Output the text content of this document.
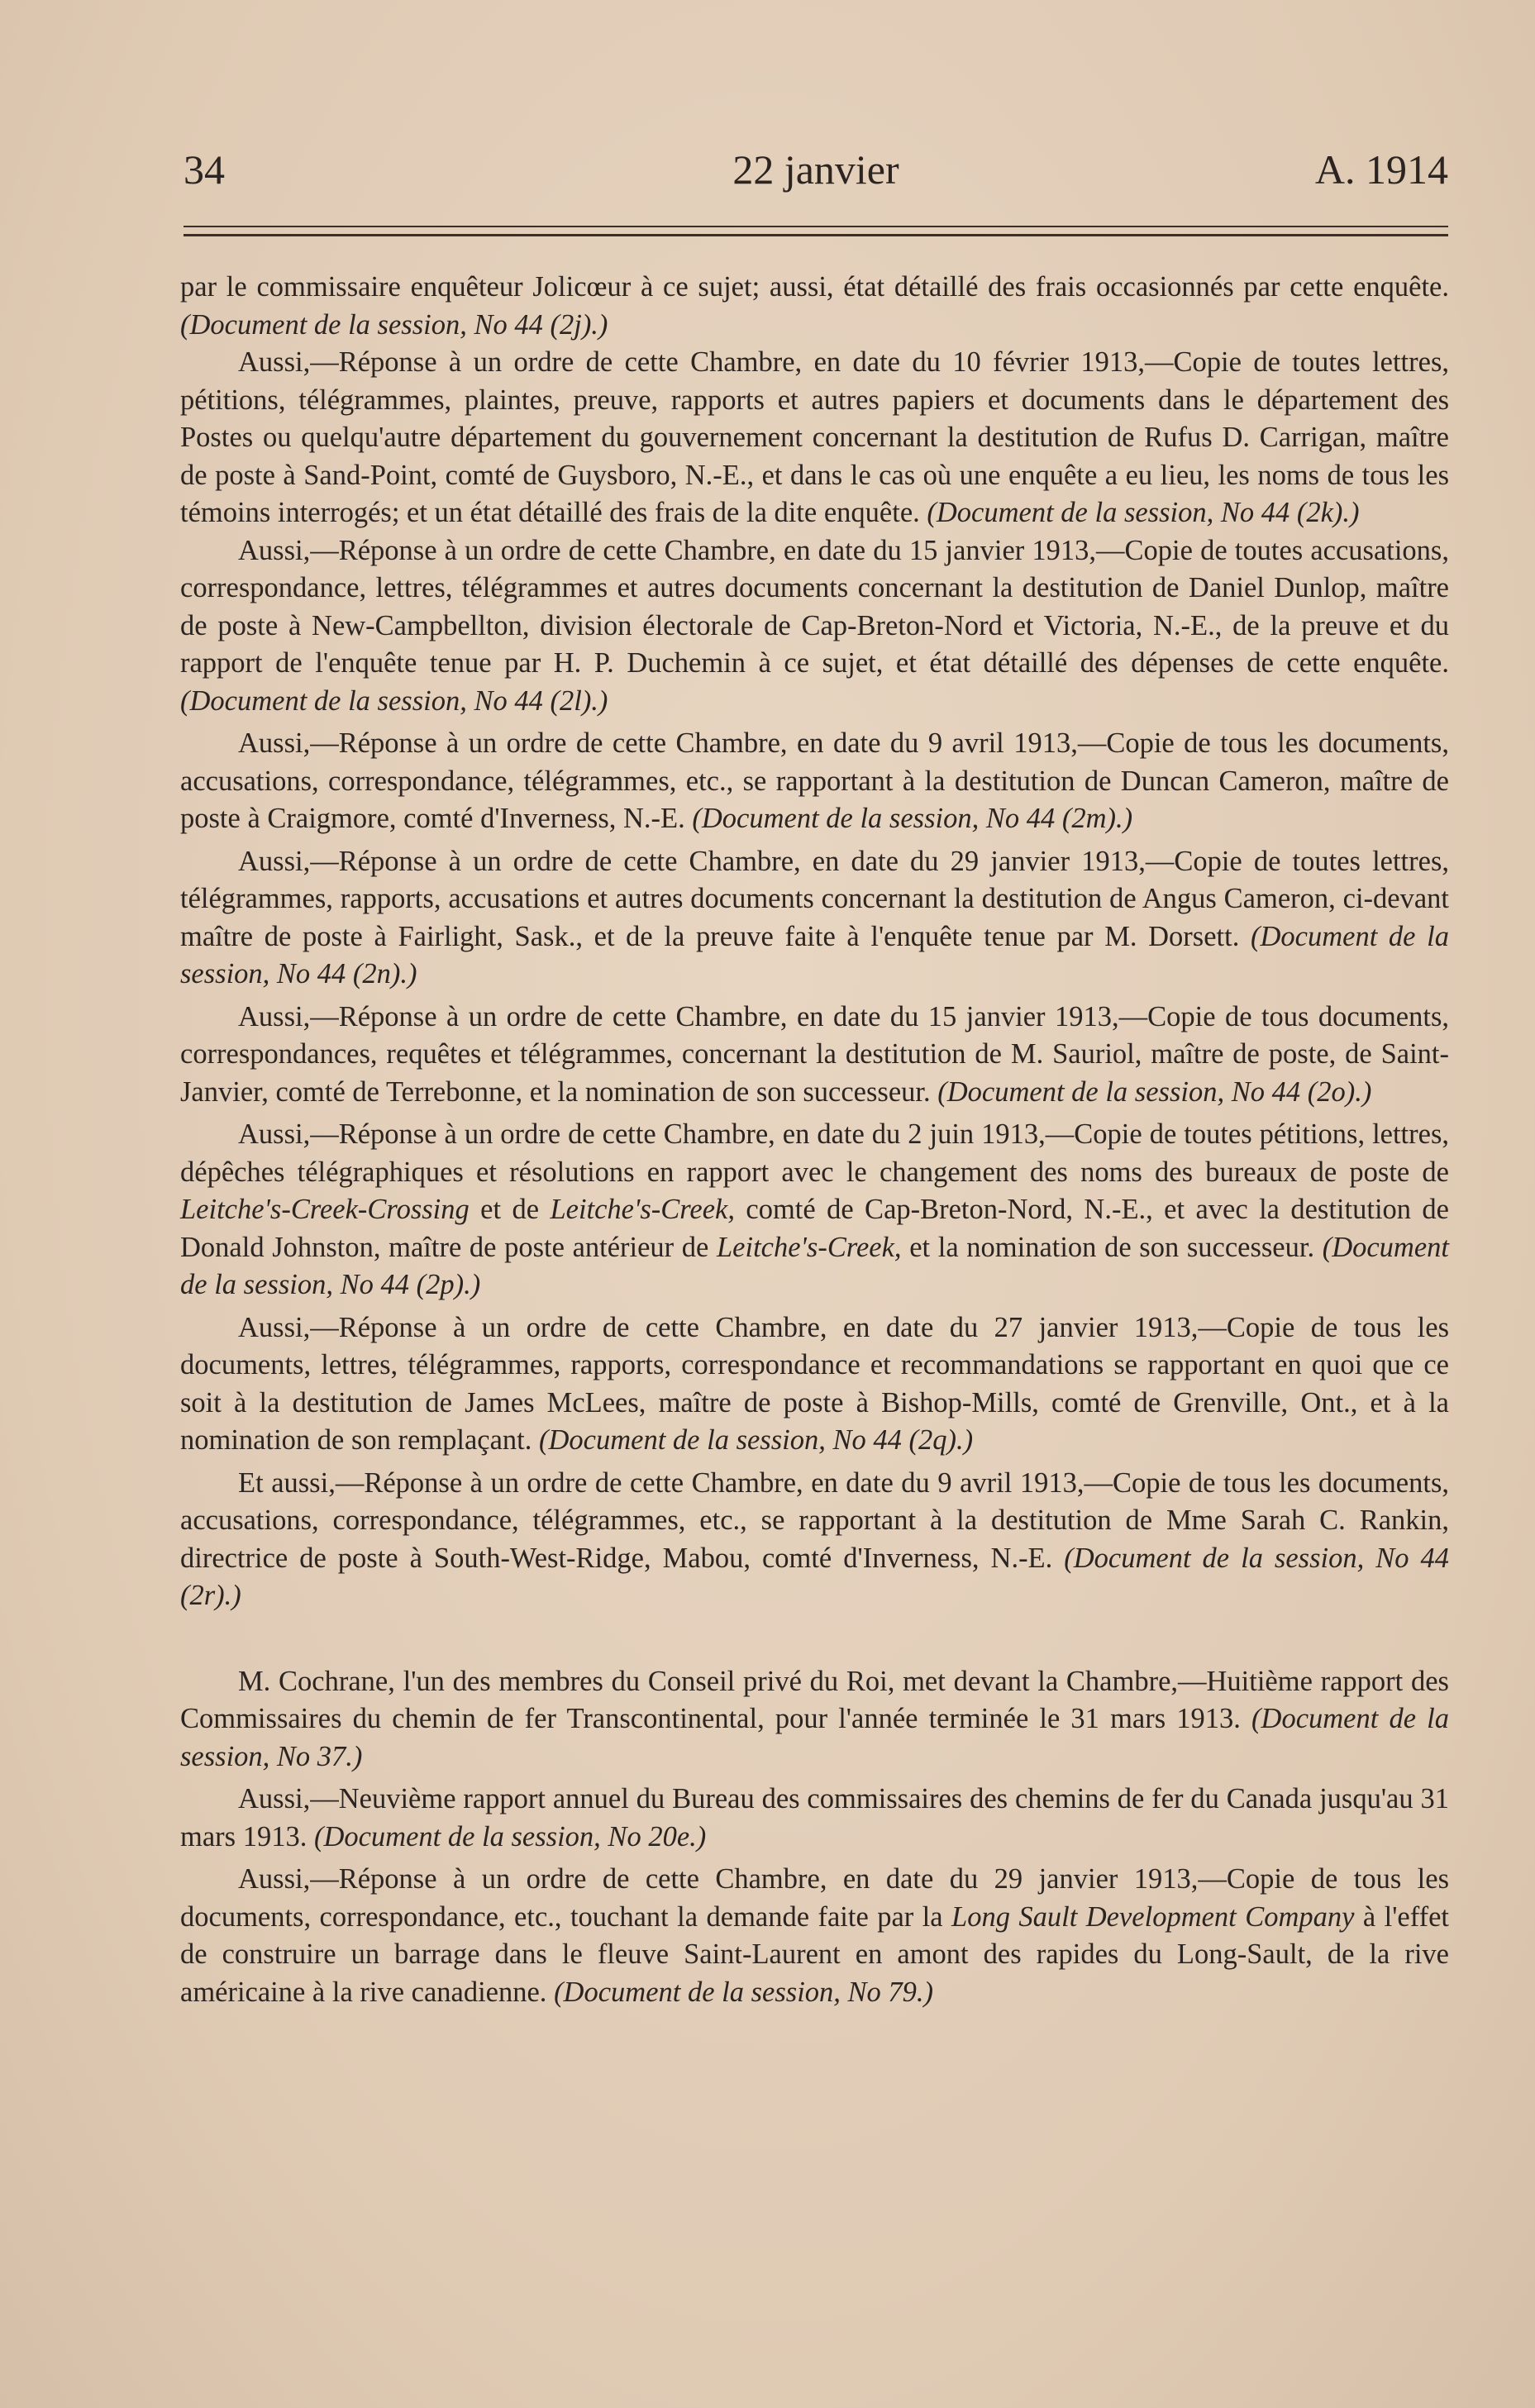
34	22 janvier	A. 1914

par le commissaire enquêteur Jolicœur à ce sujet; aussi, état détaillé des frais occasionnés par cette enquête. (Document de la session, No 44 (2j).)

Aussi,—Réponse à un ordre de cette Chambre, en date du 10 février 1913,—Copie de toutes lettres, pétitions, télégrammes, plaintes, preuve, rapports et autres papiers et documents dans le département des Postes ou quelqu'autre département du gouvernement concernant la destitution de Rufus D. Carrigan, maître de poste à Sand-Point, comté de Guysboro, N.-E., et dans le cas où une enquête a eu lieu, les noms de tous les témoins interrogés; et un état détaillé des frais de la dite enquête. (Document de la session, No 44 (2k).)

Aussi,—Réponse à un ordre de cette Chambre, en date du 15 janvier 1913,—Copie de toutes accusations, correspondance, lettres, télégrammes et autres documents concernant la destitution de Daniel Dunlop, maître de poste à New-Campbellton, division électorale de Cap-Breton-Nord et Victoria, N.-E., de la preuve et du rapport de l'enquête tenue par H. P. Duchemin à ce sujet, et état détaillé des dépenses de cette enquête. (Document de la session, No 44 (2l).)

Aussi,—Réponse à un ordre de cette Chambre, en date du 9 avril 1913,—Copie de tous les documents, accusations, correspondance, télégrammes, etc., se rapportant à la destitution de Duncan Cameron, maître de poste à Craigmore, comté d'Inverness, N.-E. (Document de la session, No 44 (2m).)

Aussi,—Réponse à un ordre de cette Chambre, en date du 29 janvier 1913,—Copie de toutes lettres, télégrammes, rapports, accusations et autres documents concernant la destitution de Angus Cameron, ci-devant maître de poste à Fairlight, Sask., et de la preuve faite à l'enquête tenue par M. Dorsett. (Document de la session, No 44 (2n).)

Aussi,—Réponse à un ordre de cette Chambre, en date du 15 janvier 1913,—Copie de tous documents, correspondances, requêtes et télégrammes, concernant la destitution de M. Sauriol, maître de poste, de Saint-Janvier, comté de Terrebonne, et la nomination de son successeur. (Document de la session, No 44 (2o).)

Aussi,—Réponse à un ordre de cette Chambre, en date du 2 juin 1913,—Copie de toutes pétitions, lettres, dépêches télégraphiques et résolutions en rapport avec le changement des noms des bureaux de poste de Leitche's-Creek-Crossing et de Leitche's-Creek, comté de Cap-Breton-Nord, N.-E., et avec la destitution de Donald Johnston, maître de poste antérieur de Leitche's-Creek, et la nomination de son successeur. (Document de la session, No 44 (2p).)

Aussi,—Réponse à un ordre de cette Chambre, en date du 27 janvier 1913,—Copie de tous les documents, lettres, télégrammes, rapports, correspondance et recommandations se rapportant en quoi que ce soit à la destitution de James McLees, maître de poste à Bishop-Mills, comté de Grenville, Ont., et à la nomination de son remplaçant. (Document de la session, No 44 (2q).)

Et aussi,—Réponse à un ordre de cette Chambre, en date du 9 avril 1913,—Copie de tous les documents, accusations, correspondance, télégrammes, etc., se rapportant à la destitution de Mme Sarah C. Rankin, directrice de poste à South-West-Ridge, Mabou, comté d'Inverness, N.-E. (Document de la session, No 44 (2r).)

M. Cochrane, l'un des membres du Conseil privé du Roi, met devant la Chambre,—Huitième rapport des Commissaires du chemin de fer Transcontinental, pour l'année terminée le 31 mars 1913. (Document de la session, No 37.)

Aussi,—Neuvième rapport annuel du Bureau des commissaires des chemins de fer du Canada jusqu'au 31 mars 1913. (Document de la session, No 20e.)

Aussi,—Réponse à un ordre de cette Chambre, en date du 29 janvier 1913,—Copie de tous les documents, correspondance, etc., touchant la demande faite par la Long Sault Development Company à l'effet de construire un barrage dans le fleuve Saint-Laurent en amont des rapides du Long-Sault, de la rive américaine à la rive canadienne. (Document de la session, No 79.)
